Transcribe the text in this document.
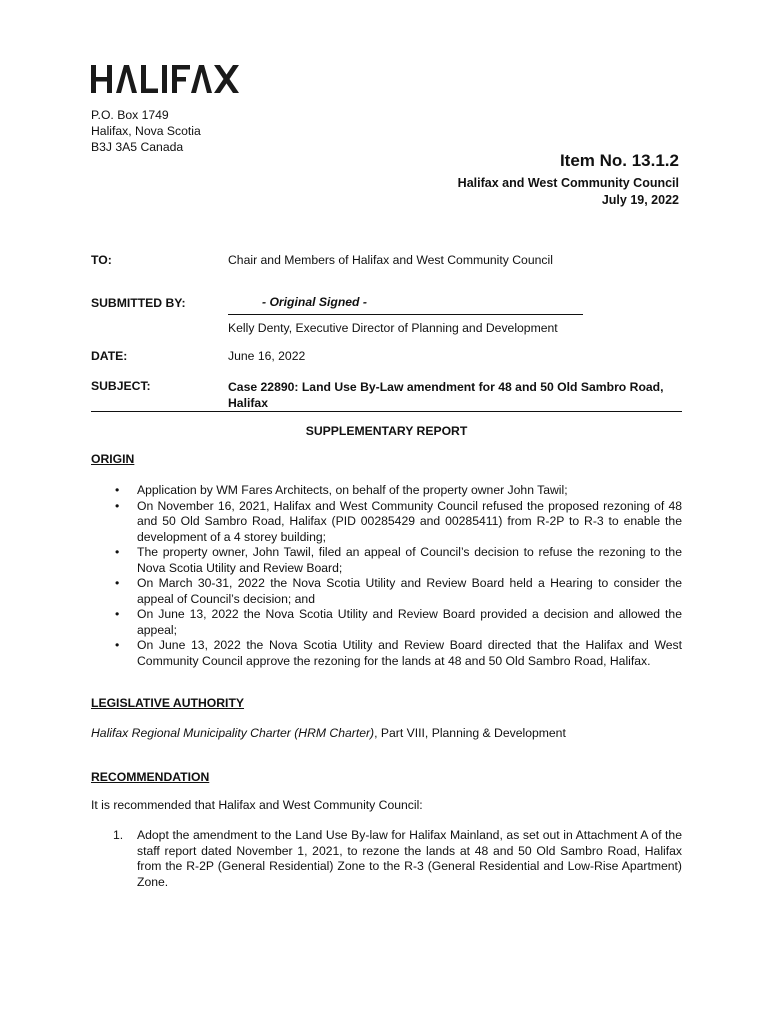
P.O. Box 1749
Halifax, Nova Scotia
B3J 3A5 Canada
Item No. 13.1.2
Halifax and West Community Council
July 19, 2022
TO:	Chair and Members of Halifax and West Community Council
SUBMITTED BY:	- Original Signed -
Kelly Denty, Executive Director of Planning and Development
DATE:	June 16, 2022
SUBJECT:	Case 22890: Land Use By-Law amendment for 48 and 50 Old Sambro Road, Halifax
SUPPLEMENTARY REPORT
ORIGIN
• Application by WM Fares Architects, on behalf of the property owner John Tawil;
• On November 16, 2021, Halifax and West Community Council refused the proposed rezoning of 48 and 50 Old Sambro Road, Halifax (PID 00285429 and 00285411) from R-2P to R-3 to enable the development of a 4 storey building;
• The property owner, John Tawil, filed an appeal of Council’s decision to refuse the rezoning to the Nova Scotia Utility and Review Board;
• On March 30-31, 2022 the Nova Scotia Utility and Review Board held a Hearing to consider the appeal of Council’s decision; and
• On June 13, 2022 the Nova Scotia Utility and Review Board provided a decision and allowed the appeal;
• On June 13, 2022 the Nova Scotia Utility and Review Board directed that the Halifax and West Community Council approve the rezoning for the lands at 48 and 50 Old Sambro Road, Halifax.
LEGISLATIVE AUTHORITY
Halifax Regional Municipality Charter (HRM Charter), Part VIII, Planning & Development
RECOMMENDATION
It is recommended that Halifax and West Community Council:
1. Adopt the amendment to the Land Use By-law for Halifax Mainland, as set out in Attachment A of the staff report dated November 1, 2021, to rezone the lands at 48 and 50 Old Sambro Road, Halifax from the R-2P (General Residential) Zone to the R-3 (General Residential and Low-Rise Apartment) Zone.
